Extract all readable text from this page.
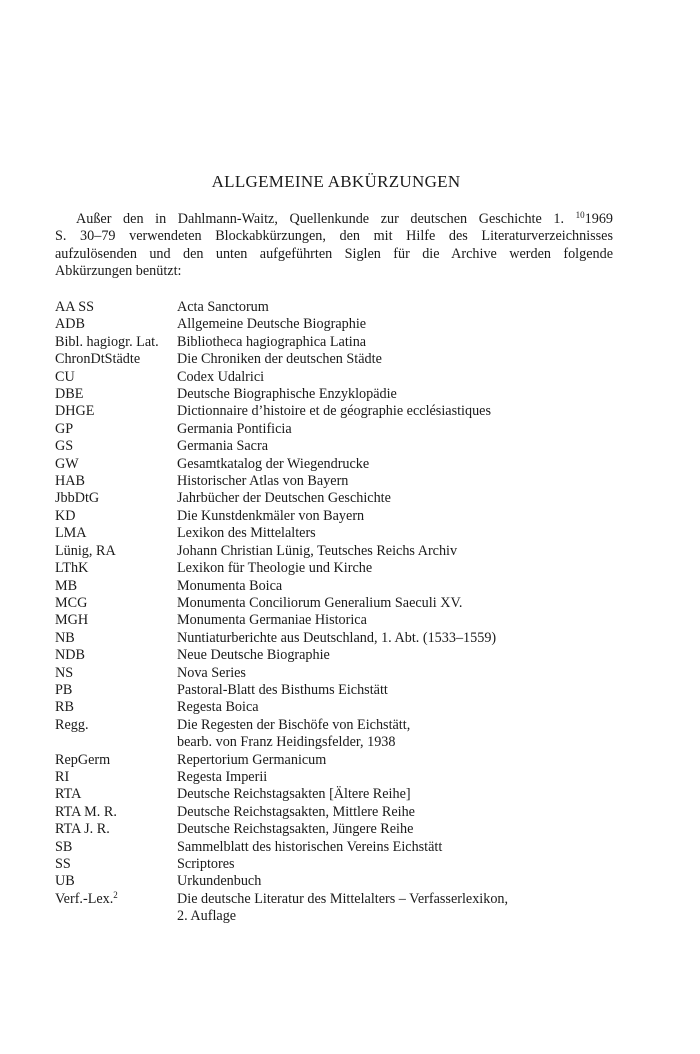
ALLGEMEINE ABKÜRZUNGEN

Außer den in Dahlmann-Waitz, Quellenkunde zur deutschen Geschichte 1. $^{10}$1969
S. 30–79 verwendeten Blockabkürzungen, den mit Hilfe des Literaturverzeichnisses
aufzulösenden und den unten aufgeführten Siglen für die Archive werden folgende
Abkürzungen benützt:

AA SS	Acta Sanctorum
ADB	Allgemeine Deutsche Biographie
Bibl. hagiogr. Lat.	Bibliotheca hagiographica Latina
ChronDtStädte	Die Chroniken der deutschen Städte
CU	Codex Udalrici
DBE	Deutsche Biographische Enzyklopädie
DHGE	Dictionnaire d’histoire et de géographie ecclésiastiques
GP	Germania Pontificia
GS	Germania Sacra
GW	Gesamtkatalog der Wiegendrucke
HAB	Historischer Atlas von Bayern
JbbDtG	Jahrbücher der Deutschen Geschichte
KD	Die Kunstdenkmäler von Bayern
LMA	Lexikon des Mittelalters
Lünig, RA	Johann Christian Lünig, Teutsches Reichs Archiv
LThK	Lexikon für Theologie und Kirche
MB	Monumenta Boica
MCG	Monumenta Conciliorum Generalium Saeculi XV.
MGH	Monumenta Germaniae Historica
NB	Nuntiaturberichte aus Deutschland, 1. Abt. (1533–1559)
NDB	Neue Deutsche Biographie
NS	Nova Series
PB	Pastoral-Blatt des Bisthums Eichstätt
RB	Regesta Boica
Regg.	Die Regesten der Bischöfe von Eichstätt,
bearb. von Franz Heidingsfelder, 1938
RepGerm	Repertorium Germanicum
RI	Regesta Imperii
RTA	Deutsche Reichstagsakten [Ältere Reihe]
RTA M. R.	Deutsche Reichstagsakten, Mittlere Reihe
RTA J. R.	Deutsche Reichstagsakten, Jüngere Reihe
SB	Sammelblatt des historischen Vereins Eichstätt
SS	Scriptores
UB	Urkundenbuch
Verf.-Lex.$^2$	Die deutsche Literatur des Mittelalters – Verfasserlexikon,
2. Auflage
